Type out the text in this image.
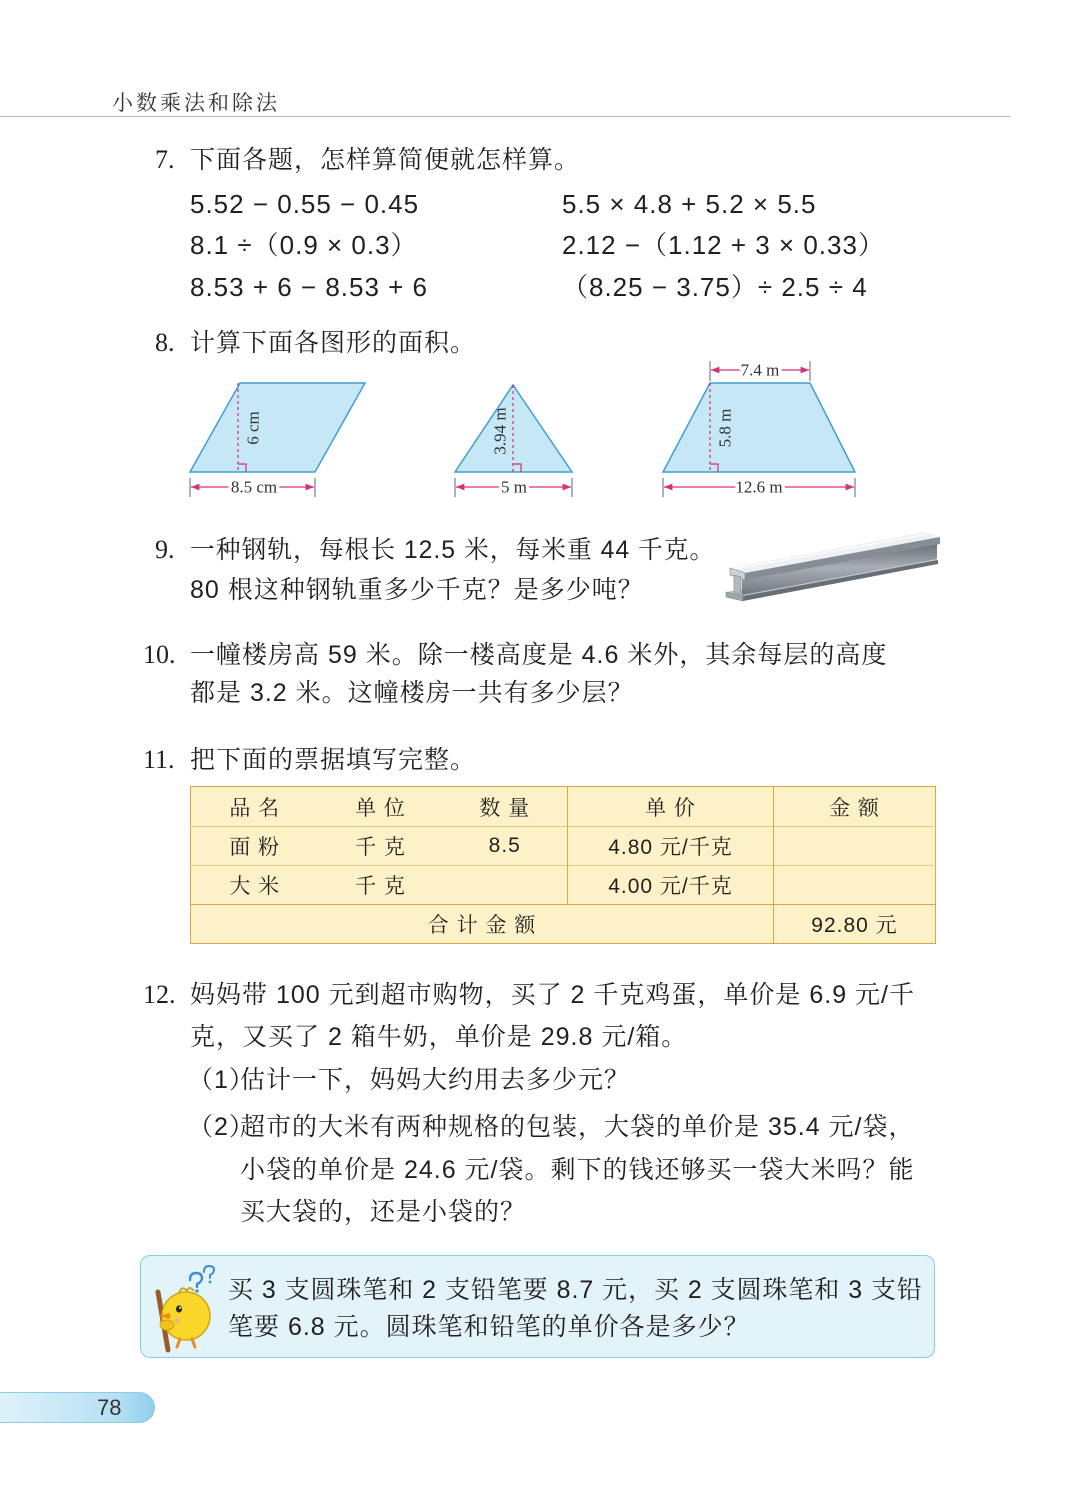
小数乘法和除法
7. 下面各题，怎样算简便就怎样算。
5.52 − 0.55 − 0.45	5.5 × 4.8 + 5.2 × 5.5
8.1 ÷（0.9 × 0.3）	2.12 −（1.12 + 3 × 0.33）
8.53 + 6 − 8.53 + 6	（8.25 − 3.75）÷ 2.5 ÷ 4
8. 计算下面各图形的面积。
6 cm
8.5 cm
3.94 m
5 m
7.4 m
5.8 m
12.6 m
9. 一种钢轨，每根长 12.5 米，每米重 44 千克。
80 根这种钢轨重多少千克？是多少吨？
10. 一幢楼房高 59 米。除一楼高度是 4.6 米外，其余每层的高度
都是 3.2 米。这幢楼房一共有多少层？
11. 把下面的票据填写完整。
品 名	单 位	数 量	单 价	金 额
面 粉	千 克	8.5	4.80 元/千克	
大 米	千 克		4.00 元/千克	
合 计 金 额				92.80 元
12. 妈妈带 100 元到超市购物，买了 2 千克鸡蛋，单价是 6.9 元/千
克，又买了 2 箱牛奶，单价是 29.8 元/箱。
（1）
估计一下，妈妈大约用去多少元？
（2）
超市的大米有两种规格的包装，大袋的单价是 35.4 元/袋，
小袋的单价是 24.6 元/袋。剩下的钱还够买一袋大米吗？能
买大袋的，还是小袋的？
买 3 支圆珠笔和 2 支铅笔要 8.7 元，买 2 支圆珠笔和 3 支铅
笔要 6.8 元。圆珠笔和铅笔的单价各是多少？
78
